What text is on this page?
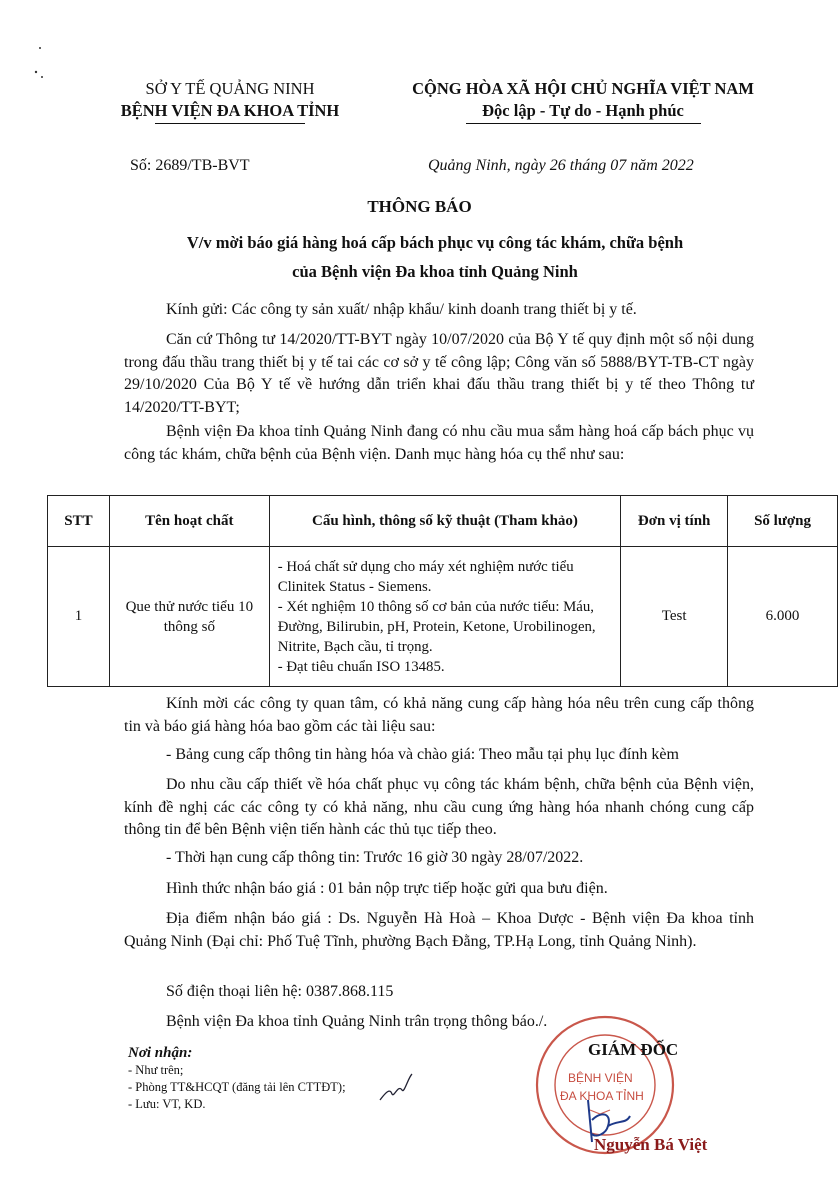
SỞ Y TẾ QUẢNG NINH
BỆNH VIỆN ĐA KHOA TỈNH
CỘNG HÒA XÃ HỘI CHỦ NGHĨA VIỆT NAM
Độc lập - Tự do - Hạnh phúc
Số: 2689/TB-BVT	Quảng Ninh, ngày 26 tháng 07 năm 2022
THÔNG BÁO
V/v mời báo giá hàng hoá cấp bách phục vụ công tác khám, chữa bệnh
của Bệnh viện Đa khoa tỉnh Quảng Ninh
Kính gửi: Các công ty sản xuất/ nhập khẩu/ kinh doanh trang thiết bị y tế.
Căn cứ Thông tư 14/2020/TT-BYT ngày 10/07/2020 của Bộ Y tế quy định một số nội dung trong đấu thầu trang thiết bị y tế tai các cơ sở y tế công lập; Công văn số 5888/BYT-TB-CT ngày 29/10/2020 Của Bộ Y tế về hướng dẫn triển khai đấu thầu trang thiết bị y tế theo Thông tư 14/2020/TT-BYT;
Bệnh viện Đa khoa tỉnh Quảng Ninh đang có nhu cầu mua sắm hàng hoá cấp bách phục vụ công tác khám, chữa bệnh của Bệnh viện. Danh mục hàng hóa cụ thể như sau:
STT	Tên hoạt chất	Cấu hình, thông số kỹ thuật (Tham khảo)	Đơn vị tính	Số lượng
1	Que thử nước tiểu 10 thông số	- Hoá chất sử dụng cho máy xét nghiệm nước tiểu Clinitek Status - Siemens.
- Xét nghiệm 10 thông số cơ bản của nước tiểu: Máu, Đường, Bilirubin, pH, Protein, Ketone, Urobilinogen, Nitrite, Bạch cầu, tỉ trọng.
- Đạt tiêu chuẩn ISO 13485.	Test	6.000
Kính mời các công ty quan tâm, có khả năng cung cấp hàng hóa nêu trên cung cấp thông tin và báo giá hàng hóa bao gồm các tài liệu sau:
- Bảng cung cấp thông tin hàng hóa và chào giá: Theo mẫu tại phụ lục đính kèm
Do nhu cầu cấp thiết về hóa chất phục vụ công tác khám bệnh, chữa bệnh của Bệnh viện, kính đề nghị các các công ty có khả năng, nhu cầu cung ứng hàng hóa nhanh chóng cung cấp thông tin để bên Bệnh viện tiến hành các thủ tục tiếp theo.
- Thời hạn cung cấp thông tin: Trước 16 giờ 30 ngày 28/07/2022.
Hình thức nhận báo giá : 01 bản nộp trực tiếp hoặc gửi qua bưu điện.
Địa điểm nhận báo giá : Ds. Nguyễn Hà Hoà – Khoa Dược - Bệnh viện Đa khoa tỉnh Quảng Ninh (Đại chỉ: Phố Tuệ Tĩnh, phường Bạch Đằng, TP.Hạ Long, tỉnh Quảng Ninh).
Số điện thoại liên hệ: 0387.868.115
Bệnh viện Đa khoa tỉnh Quảng Ninh trân trọng thông báo./.
Nơi nhận:
- Như trên;
- Phòng TT&HCQT (đăng tải lên CTTĐT);
- Lưu: VT, KD.
BỆNH VIỆN
ĐA KHOA TỈNH
GIÁM ĐỐC
Nguyễn Bá Việt
